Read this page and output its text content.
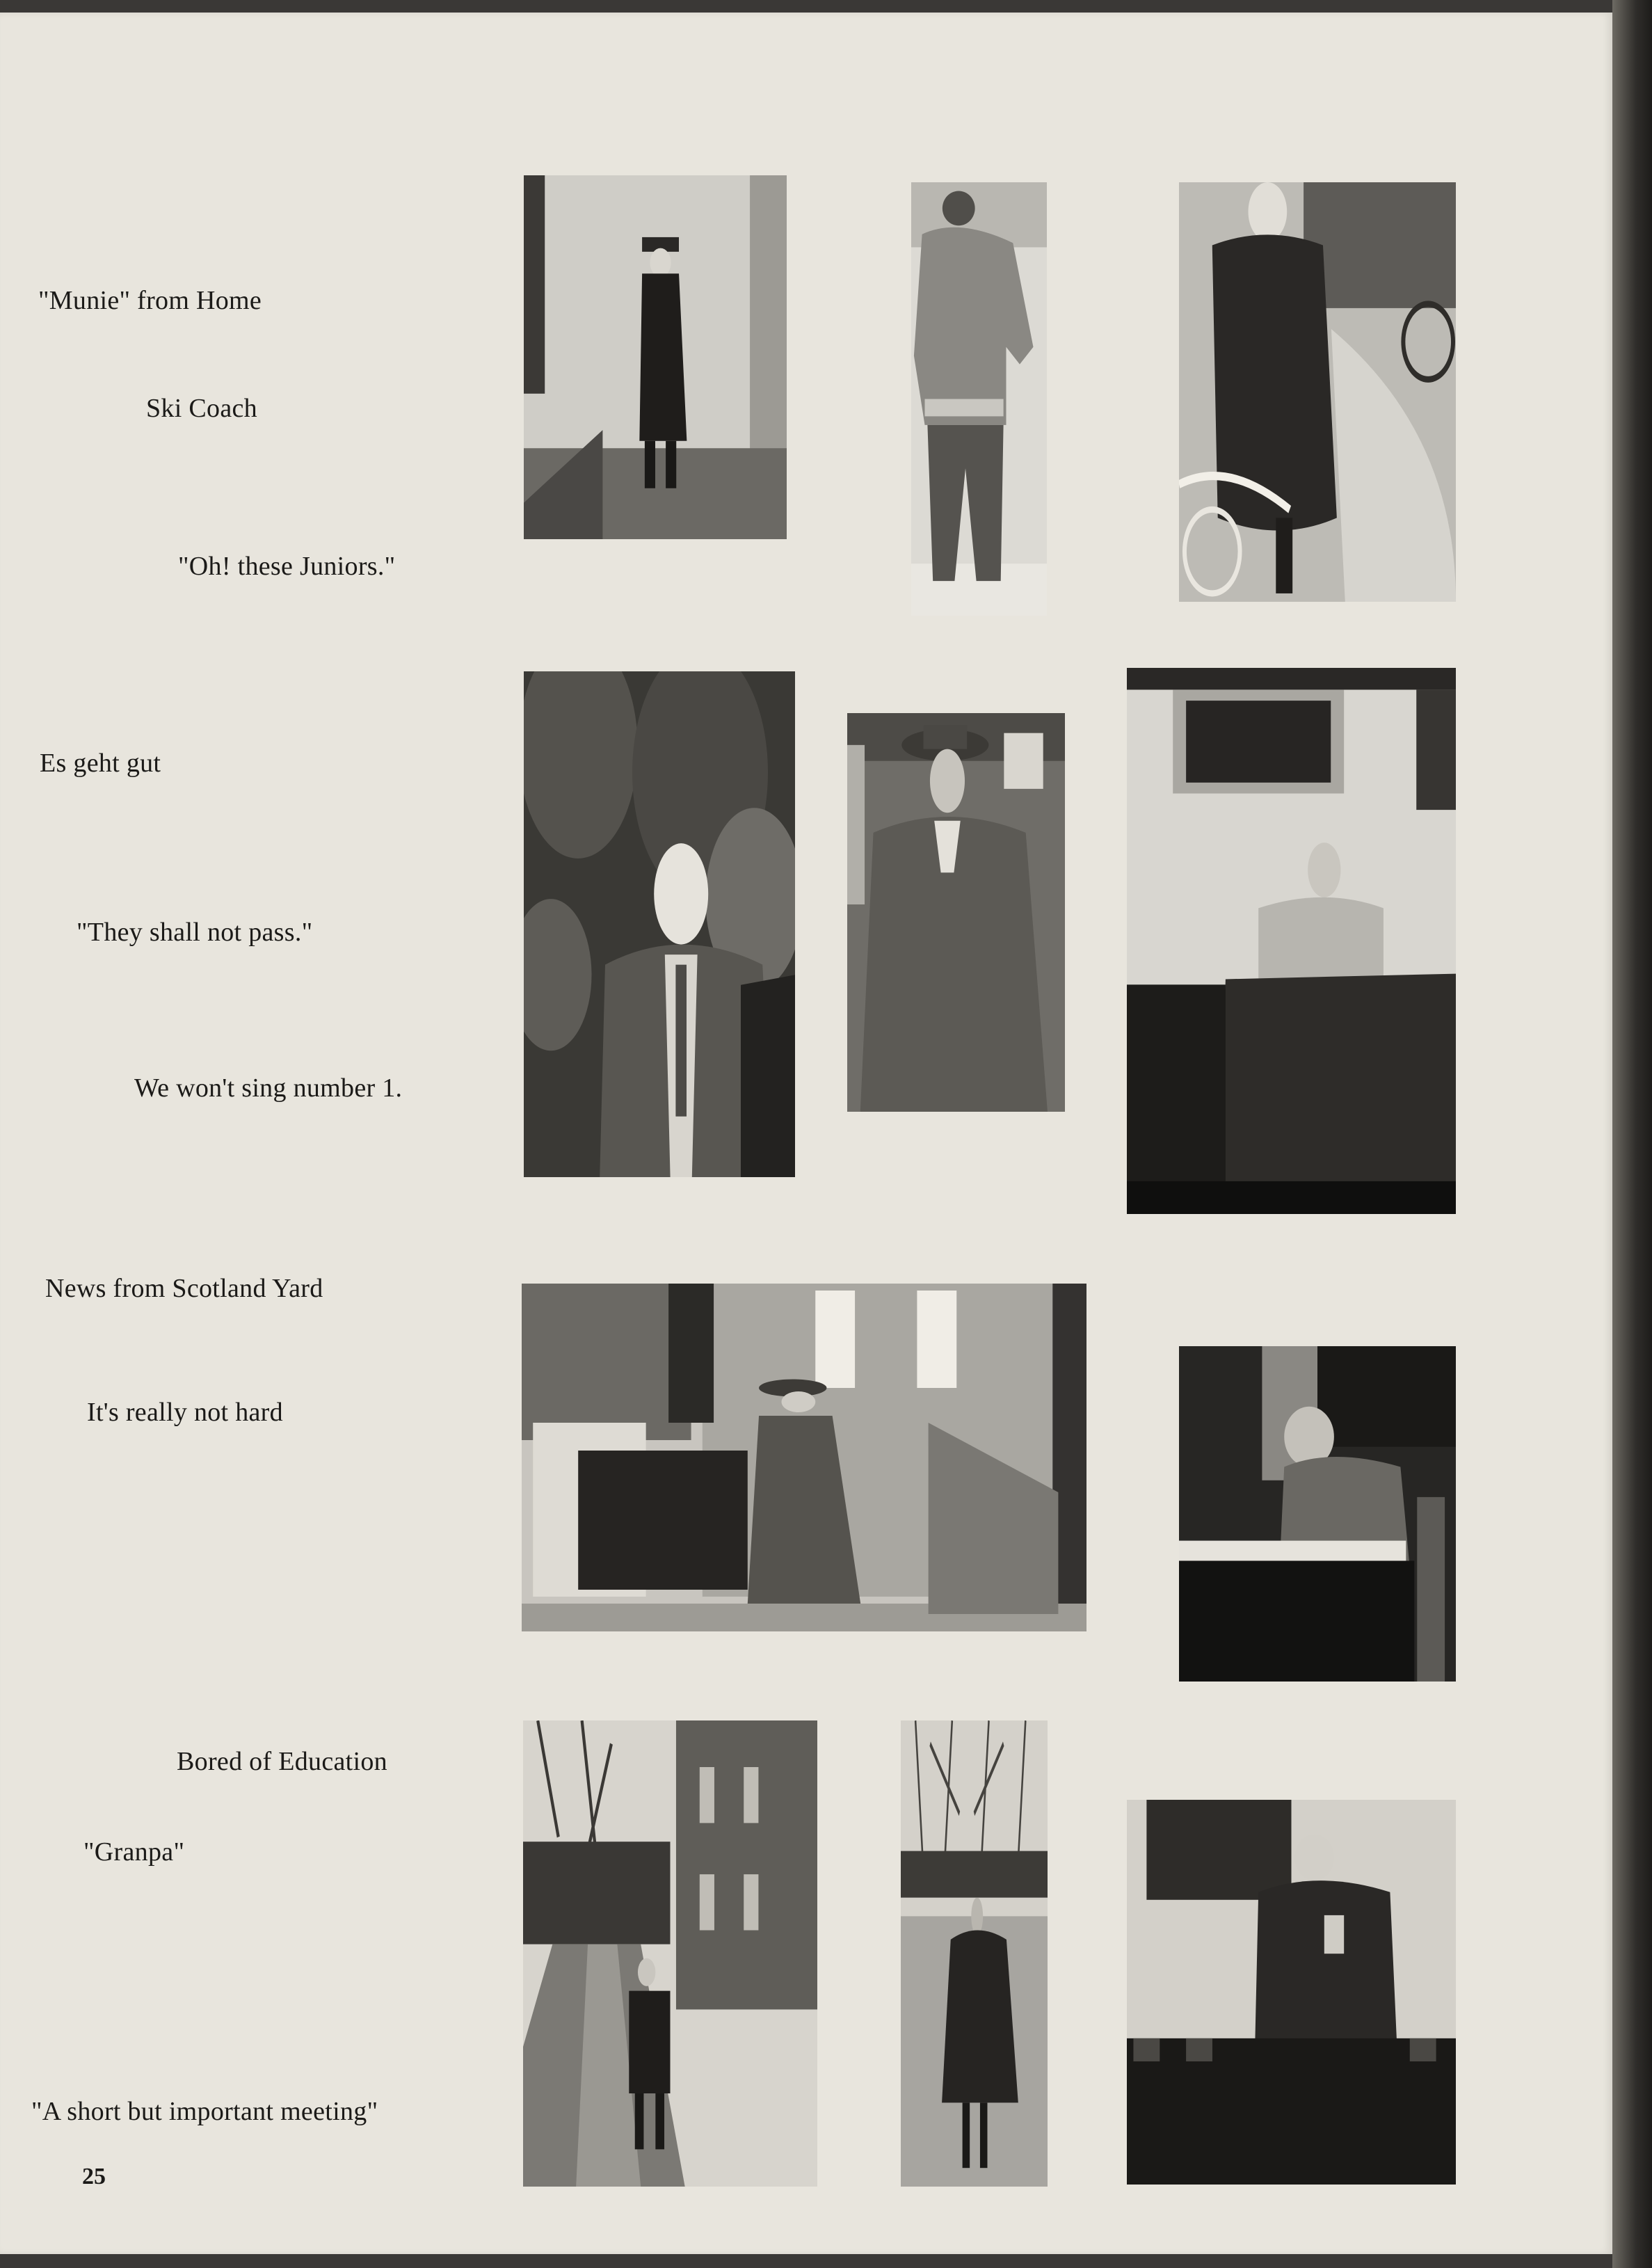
"Munie" from Home
Ski Coach
"Oh! these Juniors."
Es geht gut
"They shall not pass."
We won't sing number 1.
News from Scotland Yard
It's really not hard
Bored of Education
"Granpa"
"A short but important meeting"
25
